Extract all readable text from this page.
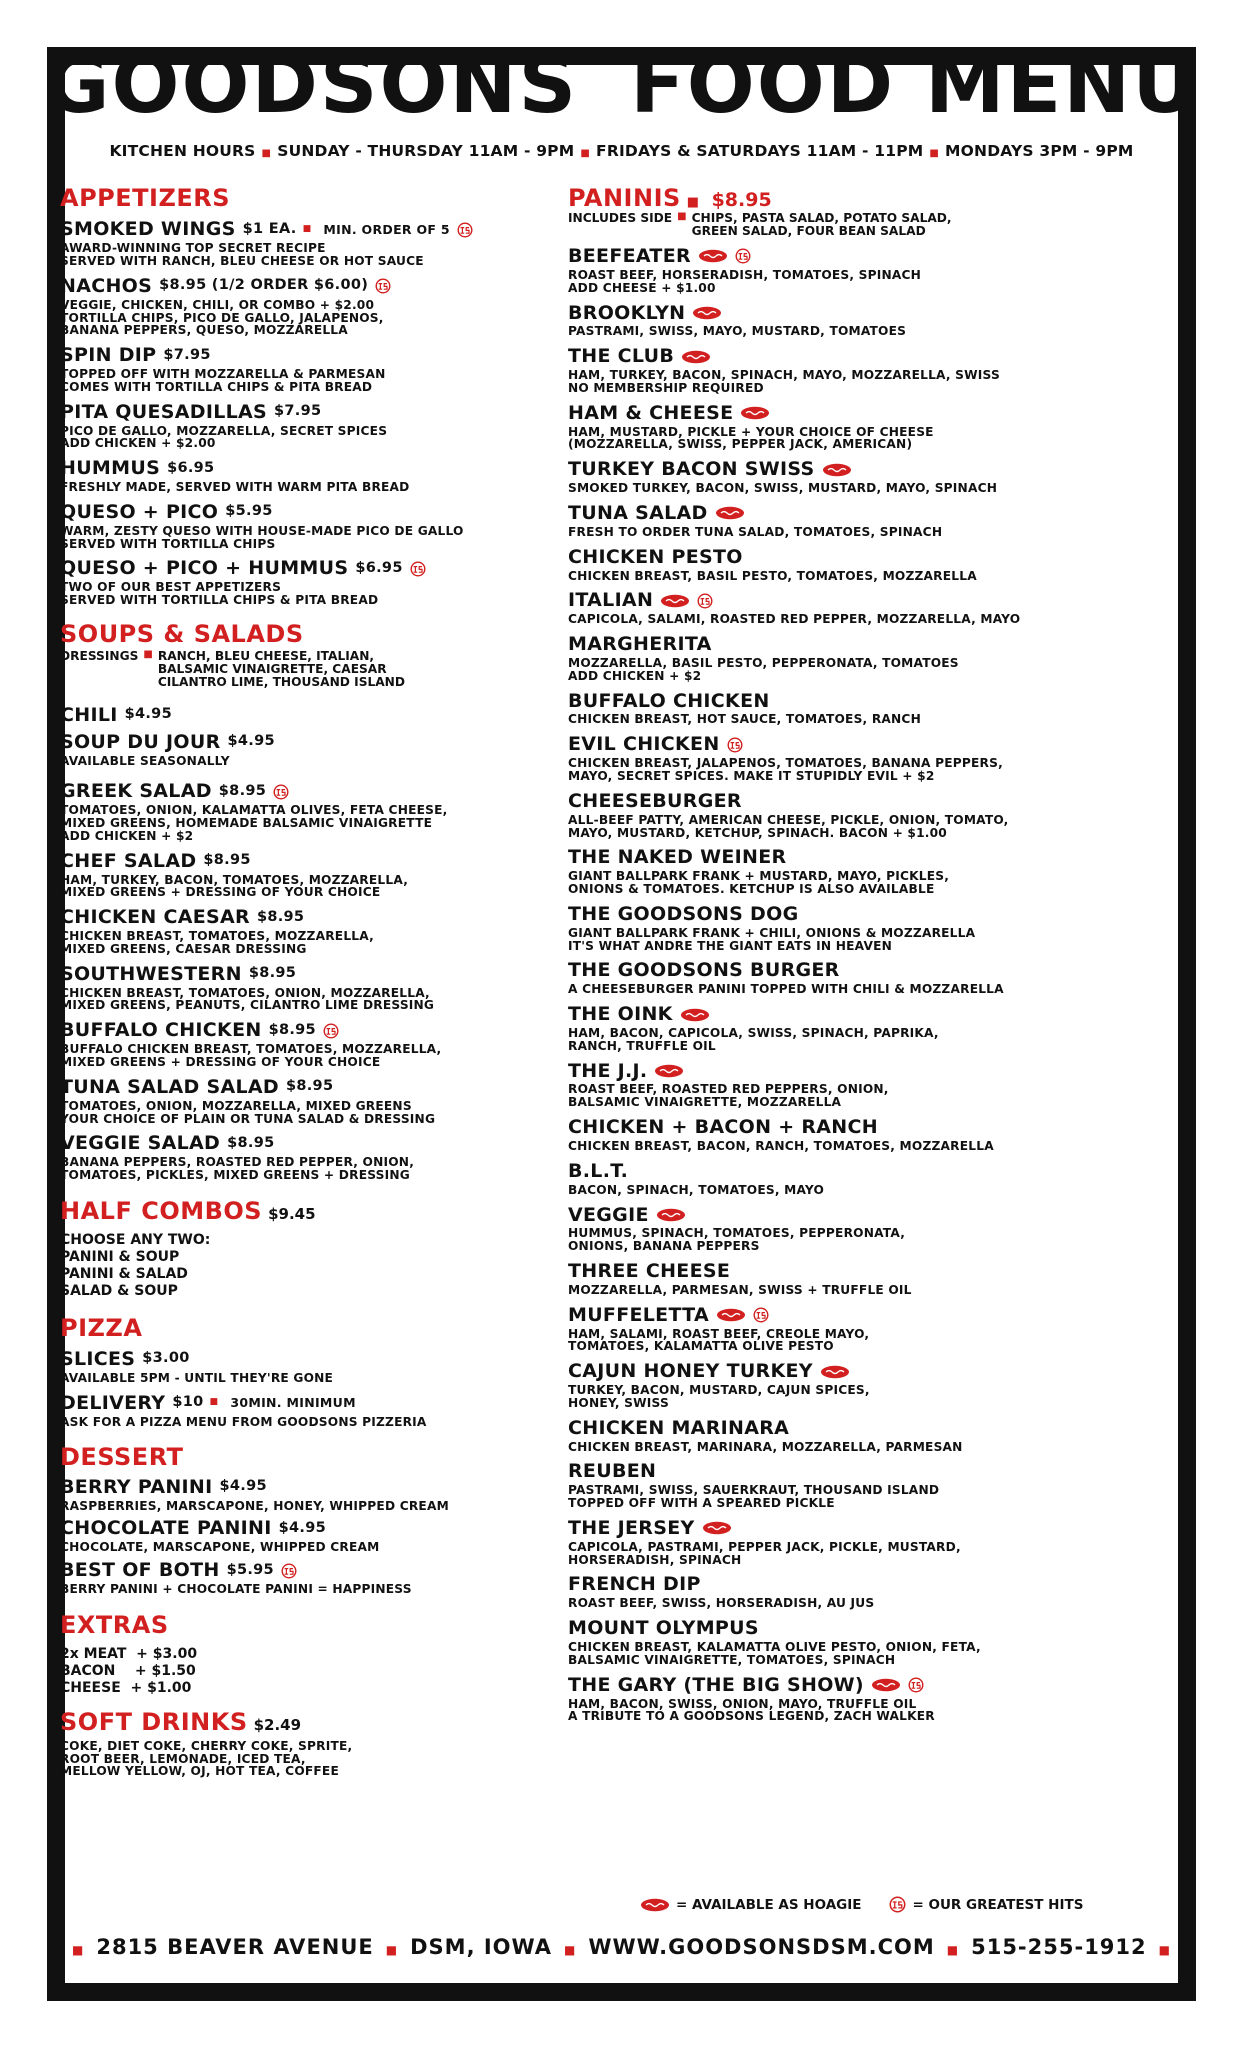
GOODSONS FOOD MENU
KITCHEN HOURS ■ SUNDAY - THURSDAY 11AM - 9PM ■ FRIDAYS & SATURDAYS 11AM - 11PM ■ MONDAYS 3PM - 9PM
APPETIZERS
SMOKED WINGS $1 EA. ■ MIN. ORDER OF 5
AWARD-WINNING TOP SECRET RECIPE
SERVED WITH RANCH, BLEU CHEESE OR HOT SAUCE
NACHOS $8.95 (1/2 ORDER $6.00)
VEGGIE, CHICKEN, CHILI, OR COMBO + $2.00
TORTILLA CHIPS, PICO DE GALLO, JALAPENOS,
BANANA PEPPERS, QUESO, MOZZARELLA
SPIN DIP $7.95
TOPPED OFF WITH MOZZARELLA & PARMESAN
COMES WITH TORTILLA CHIPS & PITA BREAD
PITA QUESADILLAS $7.95
PICO DE GALLO, MOZZARELLA, SECRET SPICES
ADD CHICKEN + $2.00
HUMMUS $6.95
FRESHLY MADE, SERVED WITH WARM PITA BREAD
QUESO + PICO $5.95
WARM, ZESTY QUESO WITH HOUSE-MADE PICO DE GALLO
SERVED WITH TORTILLA CHIPS
QUESO + PICO + HUMMUS $6.95
TWO OF OUR BEST APPETIZERS
SERVED WITH TORTILLA CHIPS & PITA BREAD
SOUPS & SALADS
DRESSINGS ■ RANCH, BLEU CHEESE, ITALIAN,
BALSAMIC VINAIGRETTE, CAESAR
CILANTRO LIME, THOUSAND ISLAND
CHILI $4.95
SOUP DU JOUR $4.95
AVAILABLE SEASONALLY
GREEK SALAD $8.95
TOMATOES, ONION, KALAMATTA OLIVES, FETA CHEESE,
MIXED GREENS, HOMEMADE BALSAMIC VINAIGRETTE
ADD CHICKEN + $2
CHEF SALAD $8.95
HAM, TURKEY, BACON, TOMATOES, MOZZARELLA,
MIXED GREENS + DRESSING OF YOUR CHOICE
CHICKEN CAESAR $8.95
CHICKEN BREAST, TOMATOES, MOZZARELLA,
MIXED GREENS, CAESAR DRESSING
SOUTHWESTERN $8.95
CHICKEN BREAST, TOMATOES, ONION, MOZZARELLA,
MIXED GREENS, PEANUTS, CILANTRO LIME DRESSING
BUFFALO CHICKEN $8.95
BUFFALO CHICKEN BREAST, TOMATOES, MOZZARELLA,
MIXED GREENS + DRESSING OF YOUR CHOICE
TUNA SALAD SALAD $8.95
TOMATOES, ONION, MOZZARELLA, MIXED GREENS
YOUR CHOICE OF PLAIN OR TUNA SALAD & DRESSING
VEGGIE SALAD $8.95
BANANA PEPPERS, ROASTED RED PEPPER, ONION,
TOMATOES, PICKLES, MIXED GREENS + DRESSING
HALF COMBOS $9.45
CHOOSE ANY TWO:
PANINI & SOUP
PANINI & SALAD
SALAD & SOUP
PIZZA
SLICES $3.00
AVAILABLE 5PM - UNTIL THEY'RE GONE
DELIVERY $10 ■ 30MIN. MINIMUM
ASK FOR A PIZZA MENU FROM GOODSONS PIZZERIA
DESSERT
BERRY PANINI $4.95
RASPBERRIES, MARSCAPONE, HONEY, WHIPPED CREAM
CHOCOLATE PANINI $4.95
CHOCOLATE, MARSCAPONE, WHIPPED CREAM
BEST OF BOTH $5.95
BERRY PANINI + CHOCOLATE PANINI = HAPPINESS
EXTRAS
2x MEAT  + $3.00
BACON    + $1.50
CHEESE  + $1.00
SOFT DRINKS $2.49
COKE, DIET COKE, CHERRY COKE, SPRITE,
ROOT BEER, LEMONADE, ICED TEA,
MELLOW YELLOW, OJ, HOT TEA, COFFEE
PANINIS ■ $8.95
INCLUDES SIDE ■ CHIPS, PASTA SALAD, POTATO SALAD,
GREEN SALAD, FOUR BEAN SALAD
BEEFEATER
ROAST BEEF, HORSERADISH, TOMATOES, SPINACH
ADD CHEESE + $1.00
BROOKLYN
PASTRAMI, SWISS, MAYO, MUSTARD, TOMATOES
THE CLUB
HAM, TURKEY, BACON, SPINACH, MAYO, MOZZARELLA, SWISS
NO MEMBERSHIP REQUIRED
HAM & CHEESE
HAM, MUSTARD, PICKLE + YOUR CHOICE OF CHEESE
(MOZZARELLA, SWISS, PEPPER JACK, AMERICAN)
TURKEY BACON SWISS
SMOKED TURKEY, BACON, SWISS, MUSTARD, MAYO, SPINACH
TUNA SALAD
FRESH TO ORDER TUNA SALAD, TOMATOES, SPINACH
CHICKEN PESTO
CHICKEN BREAST, BASIL PESTO, TOMATOES, MOZZARELLA
ITALIAN
CAPICOLA, SALAMI, ROASTED RED PEPPER, MOZZARELLA, MAYO
MARGHERITA
MOZZARELLA, BASIL PESTO, PEPPERONATA, TOMATOES
ADD CHICKEN + $2
BUFFALO CHICKEN
CHICKEN BREAST, HOT SAUCE, TOMATOES, RANCH
EVIL CHICKEN
CHICKEN BREAST, JALAPENOS, TOMATOES, BANANA PEPPERS,
MAYO, SECRET SPICES. MAKE IT STUPIDLY EVIL + $2
CHEESEBURGER
ALL-BEEF PATTY, AMERICAN CHEESE, PICKLE, ONION, TOMATO,
MAYO, MUSTARD, KETCHUP, SPINACH. BACON + $1.00
THE NAKED WEINER
GIANT BALLPARK FRANK + MUSTARD, MAYO, PICKLES,
ONIONS & TOMATOES. KETCHUP IS ALSO AVAILABLE
THE GOODSONS DOG
GIANT BALLPARK FRANK + CHILI, ONIONS & MOZZARELLA
IT'S WHAT ANDRE THE GIANT EATS IN HEAVEN
THE GOODSONS BURGER
A CHEESEBURGER PANINI TOPPED WITH CHILI & MOZZARELLA
THE OINK
HAM, BACON, CAPICOLA, SWISS, SPINACH, PAPRIKA,
RANCH, TRUFFLE OIL
THE J.J.
ROAST BEEF, ROASTED RED PEPPERS, ONION,
BALSAMIC VINAIGRETTE, MOZZARELLA
CHICKEN + BACON + RANCH
CHICKEN BREAST, BACON, RANCH, TOMATOES, MOZZARELLA
B.L.T.
BACON, SPINACH, TOMATOES, MAYO
VEGGIE
HUMMUS, SPINACH, TOMATOES, PEPPERONATA,
ONIONS, BANANA PEPPERS
THREE CHEESE
MOZZARELLA, PARMESAN, SWISS + TRUFFLE OIL
MUFFELETTA
HAM, SALAMI, ROAST BEEF, CREOLE MAYO,
TOMATOES, KALAMATTA OLIVE PESTO
CAJUN HONEY TURKEY
TURKEY, BACON, MUSTARD, CAJUN SPICES,
HONEY, SWISS
CHICKEN MARINARA
CHICKEN BREAST, MARINARA, MOZZARELLA, PARMESAN
REUBEN
PASTRAMI, SWISS, SAUERKRAUT, THOUSAND ISLAND
TOPPED OFF WITH A SPEARED PICKLE
THE JERSEY
CAPICOLA, PASTRAMI, PEPPER JACK, PICKLE, MUSTARD,
HORSERADISH, SPINACH
FRENCH DIP
ROAST BEEF, SWISS, HORSERADISH, AU JUS
MOUNT OLYMPUS
CHICKEN BREAST, KALAMATTA OLIVE PESTO, ONION, FETA,
BALSAMIC VINAIGRETTE, TOMATOES, SPINACH
THE GARY (THE BIG SHOW)
HAM, BACON, SWISS, ONION, MAYO, TRUFFLE OIL
A TRIBUTE TO A GOODSONS LEGEND, ZACH WALKER
= AVAILABLE AS HOAGIE	= OUR GREATEST HITS
■ 2815 BEAVER AVENUE ■ DSM, IOWA ■ WWW.GOODSONSDSM.COM ■ 515-255-1912 ■
